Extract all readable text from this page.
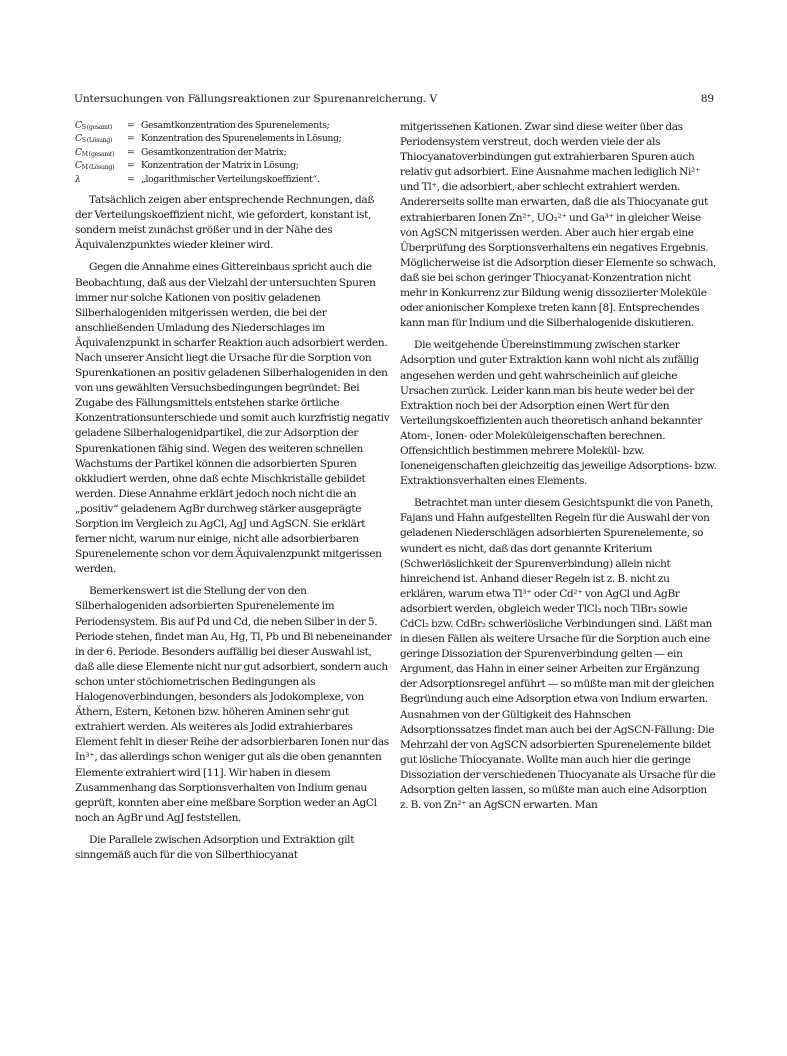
Untersuchungen von Fällungsreaktionen zur Spurenanreicherung. V	89
$C_{S (gesamt)}$	= Gesamtkonzentration des Spurenelements;
$C_{S (Lösung)}$	= Konzentration des Spurenelements in Lösung;
$C_{M (gesamt)}$	= Gesamtkonzentration der Matrix;
$C_{M (Lösung)}$	= Konzentration der Matrix in Lösung;
λ	= „logarithmischer Verteilungskoeffizient“.

Tatsächlich zeigen aber entsprechende Rechnungen, daß der Verteilungskoeffizient nicht, wie gefordert, konstant ist, sondern meist zunächst größer und in der Nähe des Äquivalenzpunktes wieder kleiner wird.

Gegen die Annahme eines Gittereinbaus spricht auch die Beobachtung, daß aus der Vielzahl der untersuchten Spuren immer nur solche Kationen von positiv geladenen Silberhalogeniden mitgerissen werden, die bei der anschließenden Umladung des Niederschlages im Äquivalenzpunkt in scharfer Reaktion auch adsorbiert werden. Nach unserer Ansicht liegt die Ursache für die Sorption von Spurenkationen an positiv geladenen Silberhalogeniden in den von uns gewählten Versuchsbedingungen begründet: Bei Zugabe des Fällungsmittels entstehen starke örtliche Konzentrationsunterschiede und somit auch kurzfristig negativ geladene Silberhalogenidpartikel, die zur Adsorption der Spurenkationen fähig sind. Wegen des weiteren schnellen Wachstums der Partikel können die adsorbierten Spuren okkludiert werden, ohne daß echte Mischkristalle gebildet werden. Diese Annahme erklärt jedoch noch nicht die an „positiv“ geladenem AgBr durchweg stärker ausgeprägte Sorption im Vergleich zu AgCl, AgJ und AgSCN. Sie erklärt ferner nicht, warum nur einige, nicht alle adsorbierbaren Spurenelemente schon vor dem Äquivalenzpunkt mitgerissen werden.

Bemerkenswert ist die Stellung der von den Silberhalogeniden adsorbierten Spurenelemente im Periodensystem. Bis auf Pd und Cd, die neben Silber in der 5. Periode stehen, findet man Au, Hg, Tl, Pb und Bi nebeneinander in der 6. Periode. Besonders auffällig bei dieser Auswahl ist, daß alle diese Elemente nicht nur gut adsorbiert, sondern auch schon unter stöchiometrischen Bedingungen als Halogenoverbindungen, besonders als Jodokomplexe, von Äthern, Estern, Ketonen bzw. höheren Aminen sehr gut extrahiert werden. Als weiteres als Jodid extrahierbares Element fehlt in dieser Reihe der adsorbierbaren Ionen nur das In³⁺, das allerdings schon weniger gut als die oben genannten Elemente extrahiert wird [11]. Wir haben in diesem Zusammenhang das Sorptionsverhalten von Indium genau geprüft, konnten aber eine meßbare Sorption weder an AgCl noch an AgBr und AgJ feststellen.

Die Parallele zwischen Adsorption und Extraktion gilt sinngemäß auch für die von Silberthiocyanat

mitgerissenen Kationen. Zwar sind diese weiter über das Periodensystem verstreut, doch werden viele der als Thiocyanatoverbindungen gut extrahierbaren Spuren auch relativ gut adsorbiert. Eine Ausnahme machen lediglich Ni²⁺ und Tl⁺, die adsorbiert, aber schlecht extrahiert werden. Andererseits sollte man erwarten, daß die als Thiocyanate gut extrahierbaren Ionen Zn²⁺, UO₂²⁺ und Ga³⁺ in gleicher Weise von AgSCN mitgerissen werden. Aber auch hier ergab eine Überprüfung des Sorptionsverhaltens ein negatives Ergebnis. Möglicherweise ist die Adsorption dieser Elemente so schwach, daß sie bei schon geringer Thiocyanat-Konzentration nicht mehr in Konkurrenz zur Bildung wenig dissoziierter Moleküle oder anionischer Komplexe treten kann [8]. Entsprechendes kann man für Indium und die Silberhalogenide diskutieren.

Die weitgehende Übereinstimmung zwischen starker Adsorption und guter Extraktion kann wohl nicht als zufällig angesehen werden und geht wahrscheinlich auf gleiche Ursachen zurück. Leider kann man bis heute weder bei der Extraktion noch bei der Adsorption einen Wert für den Verteilungskoeffizienten auch theoretisch anhand bekannter Atom-, Ionen- oder Moleküleigenschaften berechnen. Offensichtlich bestimmen mehrere Molekül- bzw. Ioneneigenschaften gleichzeitig das jeweilige Adsorptions- bzw. Extraktionsverhalten eines Elements.

Betrachtet man unter diesem Gesichtspunkt die von Paneth, Fajans und Hahn aufgestellten Regeln für die Auswahl der von geladenen Niederschlägen adsorbierten Spurenelemente, so wundert es nicht, daß das dort genannte Kriterium (Schwerlöslichkeit der Spurenverbindung) allein nicht hinreichend ist. Anhand dieser Regeln ist z. B. nicht zu erklären, warum etwa Tl³⁺ oder Cd²⁺ von AgCl und AgBr adsorbiert werden, obgleich weder TlCl₃ noch TlBr₃ sowie CdCl₂ bzw. CdBr₂ schwerlösliche Verbindungen sind. Läßt man in diesen Fällen als weitere Ursache für die Sorption auch eine geringe Dissoziation der Spurenverbindung gelten — ein Argument, das Hahn in einer seiner Arbeiten zur Ergänzung der Adsorptionsregel anführt — so müßte man mit der gleichen Begründung auch eine Adsorption etwa von Indium erwarten. Ausnahmen von der Gültigkeit des Hahnschen Adsorptionssatzes findet man auch bei der AgSCN-Fällung: Die Mehrzahl der von AgSCN adsorbierten Spurenelemente bildet gut lösliche Thiocyanate. Wollte man auch hier die geringe Dissoziation der verschiedenen Thiocyanate als Ursache für die Adsorption gelten lassen, so müßte man auch eine Adsorption z. B. von Zn²⁺ an AgSCN erwarten. Man
